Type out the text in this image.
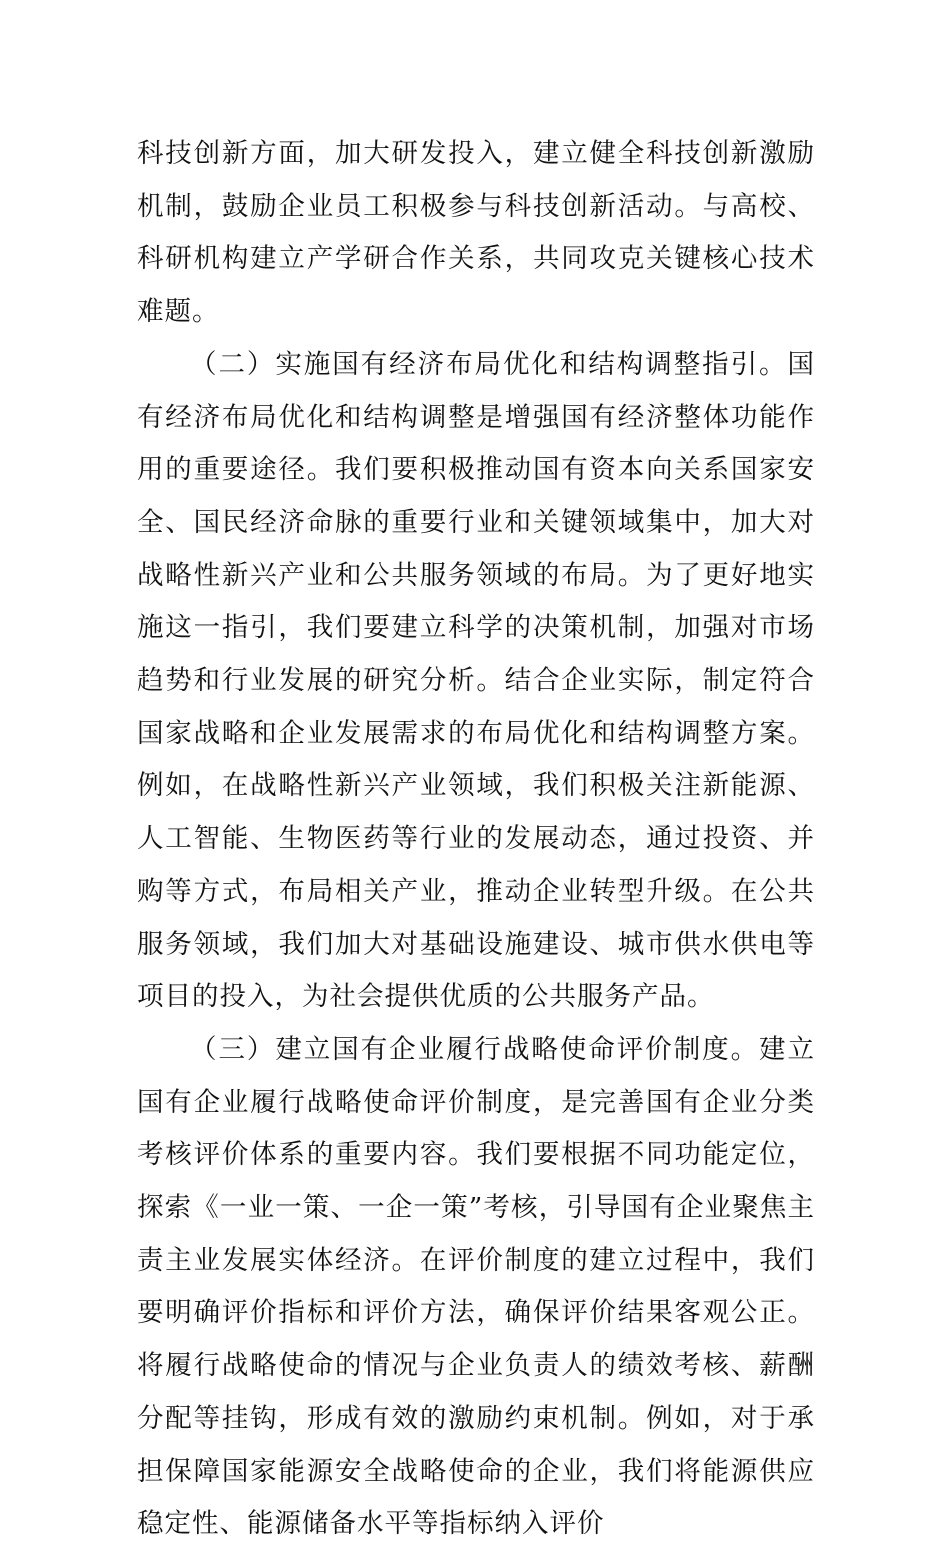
科技创新方面，加大研发投入，建立健全科技创新激励机制，鼓励企业员工积极参与科技创新活动。与高校、科研机构建立产学研合作关系，共同攻克关键核心技术难题。

（二）实施国有经济布局优化和结构调整指引。国有经济布局优化和结构调整是增强国有经济整体功能作用的重要途径。我们要积极推动国有资本向关系国家安全、国民经济命脉的重要行业和关键领域集中，加大对战略性新兴产业和公共服务领域的布局。为了更好地实施这一指引，我们要建立科学的决策机制，加强对市场趋势和行业发展的研究分析。结合企业实际，制定符合国家战略和企业发展需求的布局优化和结构调整方案。例如，在战略性新兴产业领域，我们积极关注新能源、人工智能、生物医药等行业的发展动态，通过投资、并购等方式，布局相关产业，推动企业转型升级。在公共服务领域，我们加大对基础设施建设、城市供水供电等项目的投入，为社会提供优质的公共服务产品。

（三）建立国有企业履行战略使命评价制度。建立国有企业履行战略使命评价制度，是完善国有企业分类考核评价体系的重要内容。我们要根据不同功能定位，探索《一业一策、一企一策”考核，引导国有企业聚焦主责主业发展实体经济。在评价制度的建立过程中，我们要明确评价指标和评价方法，确保评价结果客观公正。将履行战略使命的情况与企业负责人的绩效考核、薪酬分配等挂钩，形成有效的激励约束机制。例如，对于承担保障国家能源安全战略使命的企业，我们将能源供应稳定性、能源储备水平等指标纳入评价
